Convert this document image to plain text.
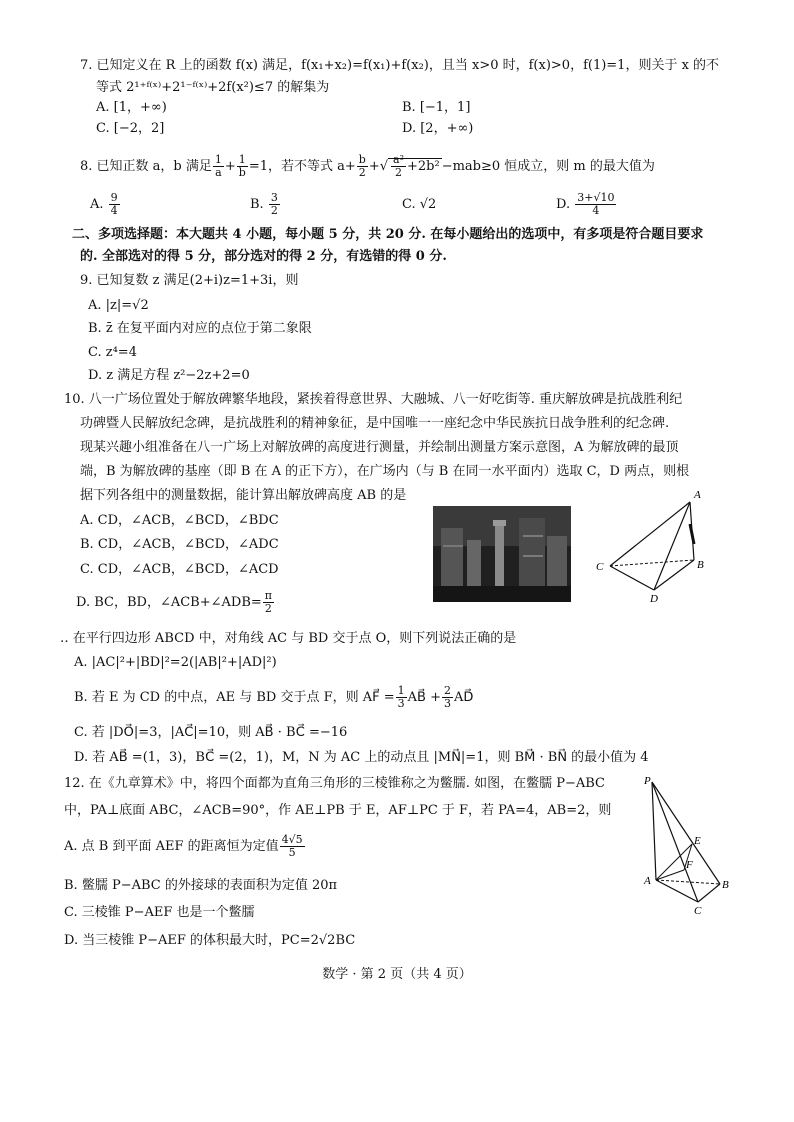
7. 已知定义在 R 上的函数 f(x) 满足，f(x₁+x₂)=f(x₁)+f(x₂)，且当 x>0 时，f(x)>0，f(1)=1，则关于 x 的不
等式 2¹⁺ᶠ⁽ˣ⁾+2¹⁻ᶠ⁽ˣ⁾+2f(x²)≤7 的解集为
A. [1，+∞)	B. [−1，1]
C. [−2，2]	D. [2，+∞)
8. 已知正数 a，b 满足 $\frac{1}{a} + \frac{1}{b} =1$，若不等式 $a+ \frac{b}{2}$ +√ $\frac{\text{a²}}{2} +2b^2 -mab\ge 0$ 恒成立，则 m 的最大值为
A. $\frac{9}{4}$	B. $\frac{3}{2}$	C. √2	D. $\frac{3+√10}{4}$
二、多项选择题：本大题共 4 小题，每小题 5 分，共 20 分. 在每小题给出的选项中，有多项是符合题目要求
的. 全部选对的得 5 分，部分选对的得 2 分，有选错的得 0 分.
9. 已知复数 z 满足(2+i)z=1+3i，则
A. |z|=√2
B. z̄ 在复平面内对应的点位于第二象限
C. z⁴=4
D. z 满足方程 z²−2z+2=0
10. 八一广场位置处于解放碑繁华地段，紧挨着得意世界、大融城、八一好吃街等. 重庆解放碑是抗战胜利纪
功碑暨人民解放纪念碑，是抗战胜利的精神象征，是中国唯一一座纪念中华民族抗日战争胜利的纪念碑.
现某兴趣小组准备在八一广场上对解放碑的高度进行测量，并绘制出测量方案示意图，A 为解放碑的最顶
端，B 为解放碑的基座（即 B 在 A 的正下方），在广场内（与 B 在同一水平面内）选取 C，D 两点，则根
据下列各组中的测量数据，能计算出解放碑高度 AB 的是
A. CD，∠ACB，∠BCD，∠BDC
B. CD，∠ACB，∠BCD，∠ADC
C. CD，∠ACB，∠BCD，∠ACD
D. BC，BD，∠ACB+∠ADB= $\frac{\pi}{2}$
A
B
C
D
‥ 在平行四边形 ABCD 中，对角线 AC 与 BD 交于点 O，则下列说法正确的是
A. |AC|²+|BD|²=2(|AB|²+|AD|²)
B. 若 E 为 CD 的中点，AE 与 BD 交于点 F，则 AF⃗ = $\frac{1}{3}$ AB⃗ + $\frac{2}{3}$ AD⃗
C. 若 |DO⃗|=3，|AC⃗|=10，则 AB⃗ · BC⃗ =−16
D. 若 AB⃗ =(1，3)，BC⃗ =(2，1)，M，N 为 AC 上的动点且 |MN⃗|=1，则 BM⃗ · BN⃗ 的最小值为 4
12. 在《九章算术》中，将四个面都为直角三角形的三棱锥称之为鳖臑. 如图，在鳖臑 P−ABC
中，PA⊥底面 ABC，∠ACB=90°，作 AE⊥PB 于 E，AF⊥PC 于 F，若 PA=4，AB=2，则
A. 点 B 到平面 AEF 的距离恒为定值 $\frac{4√5}{5}$
B. 鳖臑 P−ABC 的外接球的表面积为定值 20π
C. 三棱锥 P−AEF 也是一个鳖臑
D. 当三棱锥 P−AEF 的体积最大时，PC=2√2BC
P
E
F
A	B
C
数学 · 第 2 页（共 4 页）
